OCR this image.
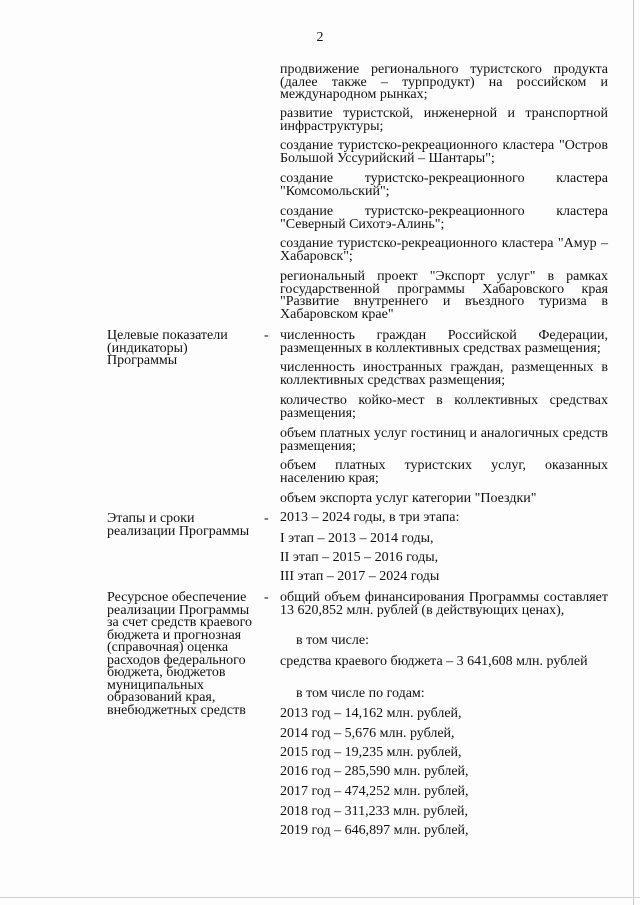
2
продвижение регионального туристского продукта (далее также – турпродукт) на российском и международном рынках;
развитие туристской, инженерной и транспортной инфраструктуры;
создание туристско-рекреационного кластера "Остров Большой Уссурийский – Шантары";
создание туристско-рекреационного кластера "Комсомольский";
создание туристско-рекреационного кластера "Северный Сихотэ-Алинь";
создание туристско-рекреационного кластера "Амур – Хабаровск";
региональный проект "Экспорт услуг" в рамках государственной программы Хабаровского края "Развитие внутреннего и въездного туризма в Хабаровском крае"
Целевые показатели (индикаторы) Программы
- численность граждан Российской Федерации, размещенных в коллективных средствах размещения;
численность иностранных граждан, размещенных в коллективных средствах размещения;
количество койко-мест в коллективных средствах размещения;
объем платных услуг гостиниц и аналогичных средств размещения;
объем платных туристских услуг, оказанных населению края;
объем экспорта услуг категории "Поездки"
Этапы и сроки реализации Программы
- 2013 – 2024 годы, в три этапа:
I этап – 2013 – 2014 годы,
II этап – 2015 – 2016 годы,
III этап – 2017 – 2024 годы
Ресурсное обеспечение реализации Программы за счет средств краевого бюджета и прогнозная (справочная) оценка расходов федерального бюджета, бюджетов муниципальных образований края, внебюджетных средств
- общий объем финансирования Программы составляет 13 620,852 млн. рублей (в действующих ценах),
в том числе:
средства краевого бюджета – 3 641,608 млн. рублей
в том числе по годам:
2013 год – 14,162 млн. рублей,
2014 год – 5,676 млн. рублей,
2015 год – 19,235 млн. рублей,
2016 год – 285,590 млн. рублей,
2017 год – 474,252 млн. рублей,
2018 год – 311,233 млн. рублей,
2019 год – 646,897 млн. рублей,
